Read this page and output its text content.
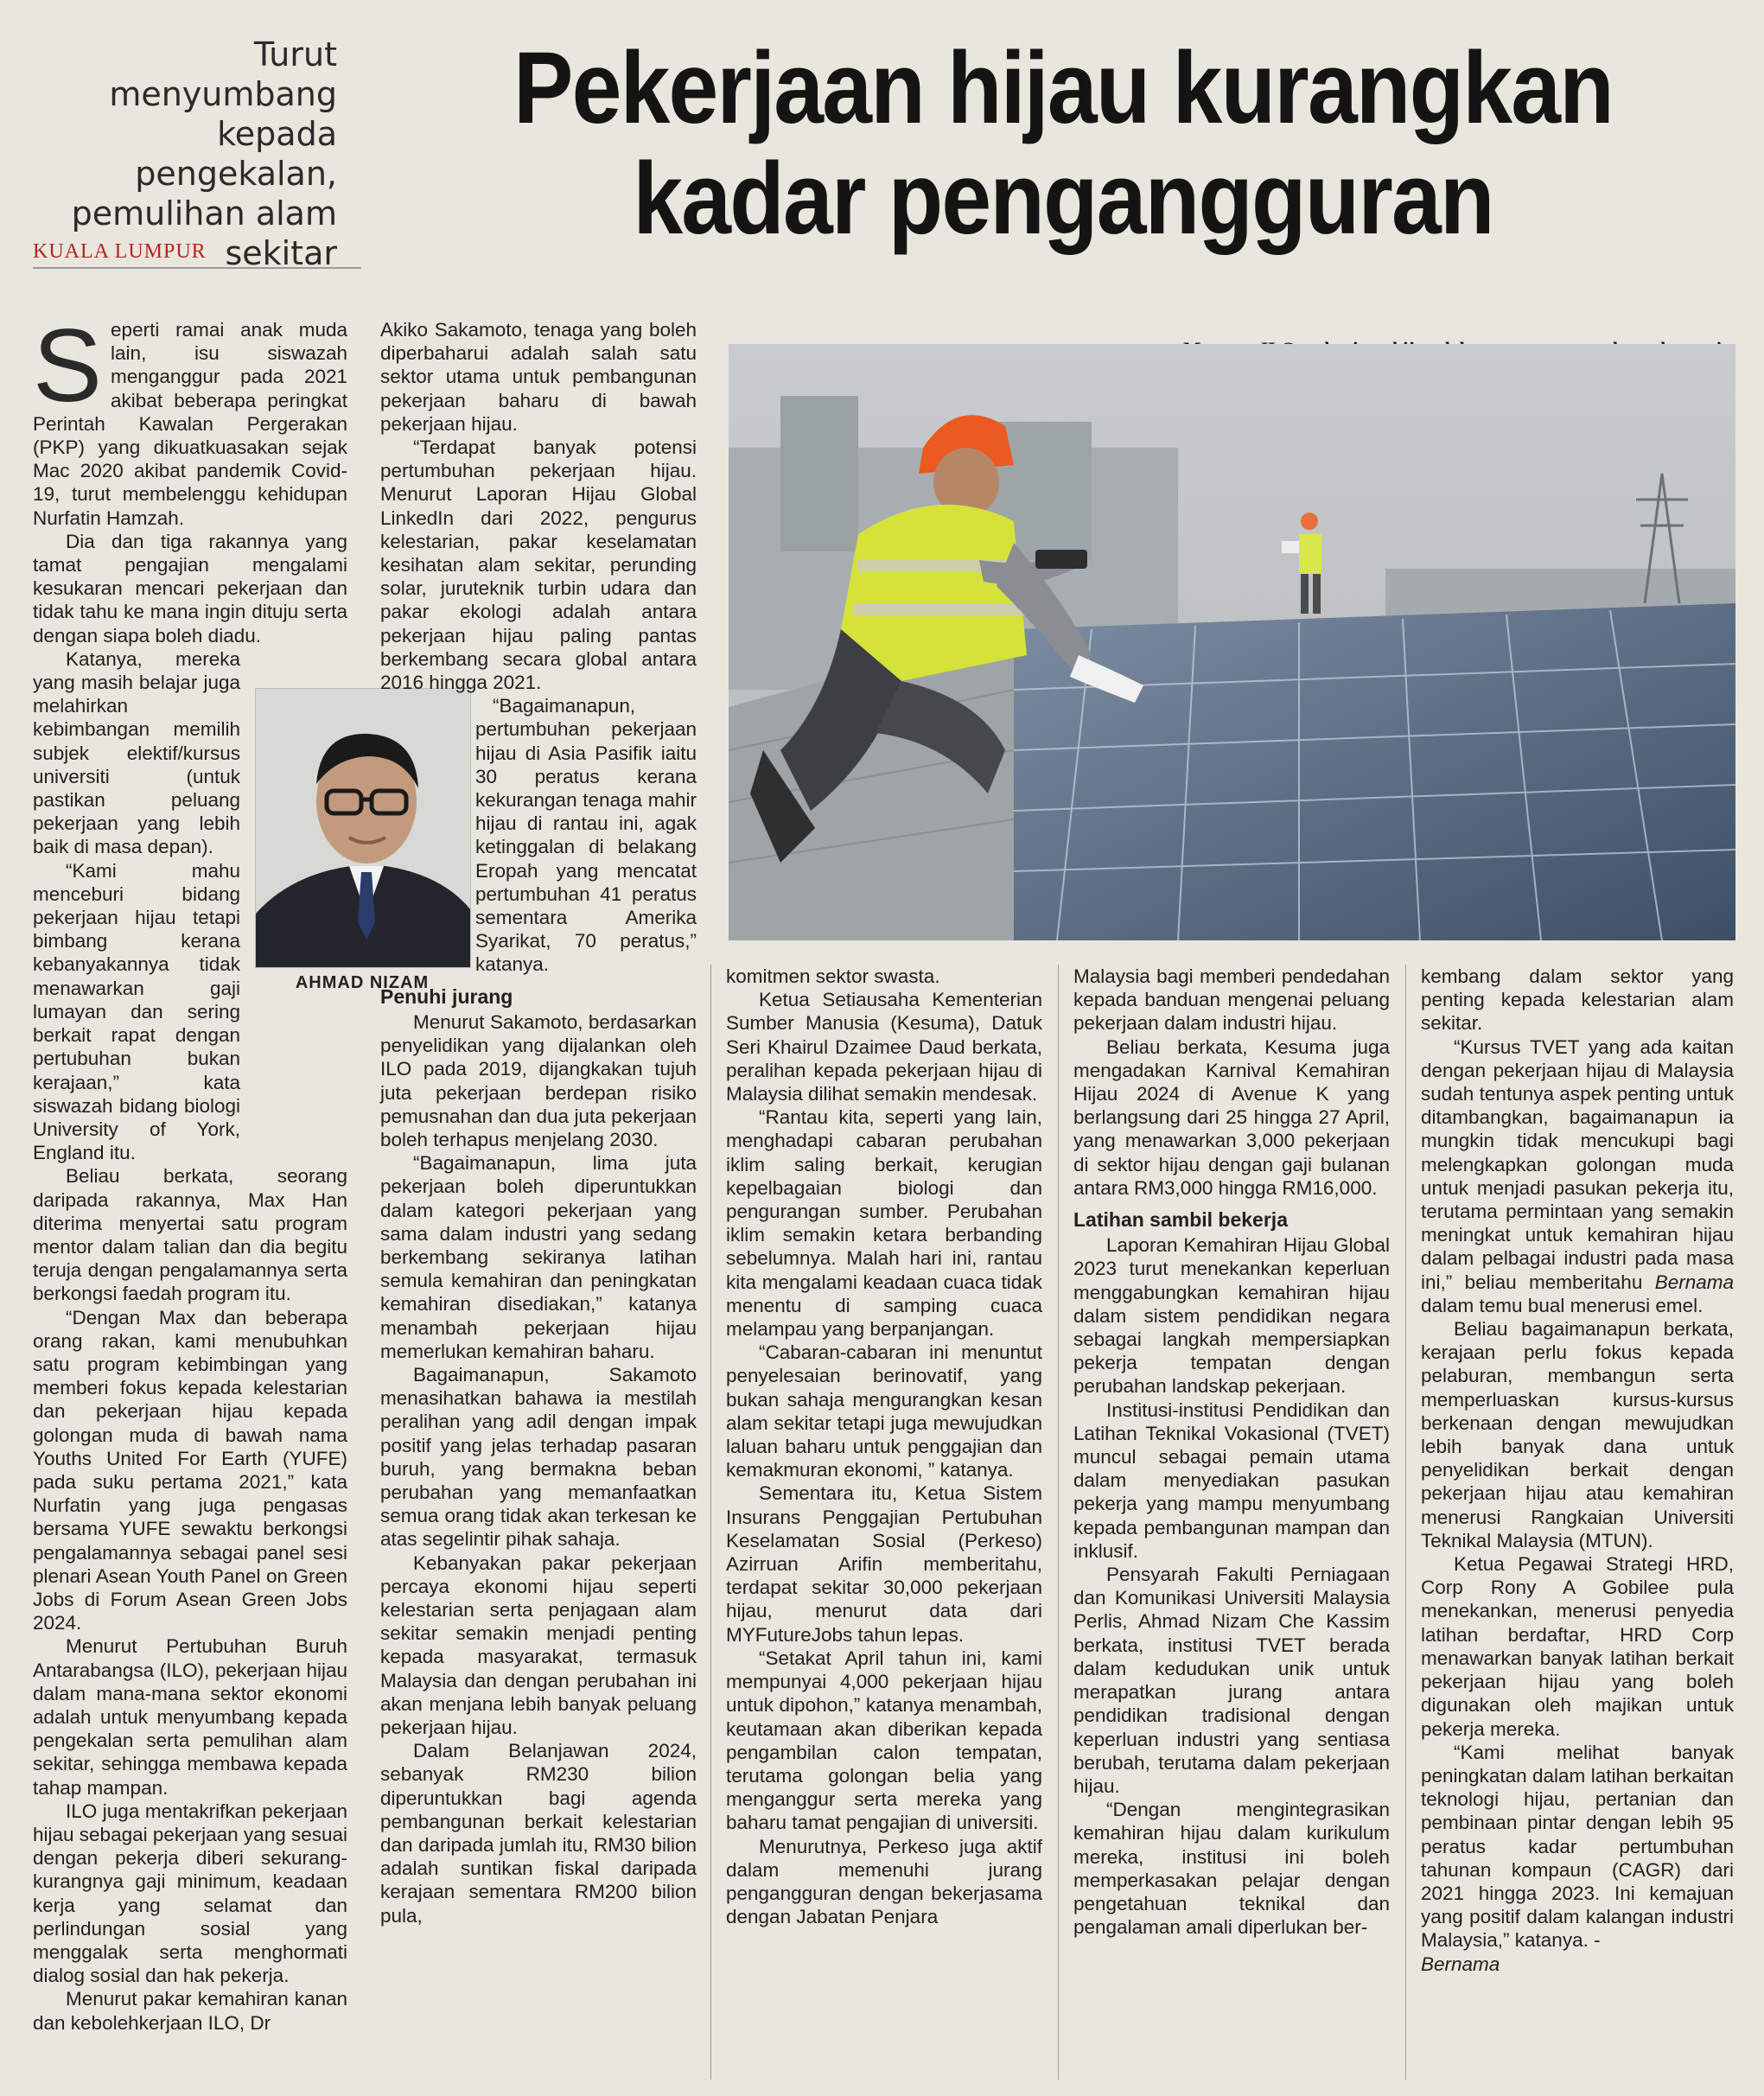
Turut menyumbang kepada pengekalan, pemulihan alam sekitar
Pekerjaan hijau kurangkan
kadar pengangguran
KUALA LUMPUR
AHMAD NIZAM
S eperti ramai anak muda lain, isu siswazah menganggur pada 2021 akibat beberapa peringkat Perintah Kawalan Pergerakan (PKP) yang dikuatkuasakan sejak Mac 2020 akibat pandemik Covid-19, turut membelenggu kehidupan Nurfatin Hamzah.

Dia dan tiga rakannya yang tamat pengajian mengalami kesukaran mencari pekerjaan dan tidak tahu ke mana ingin dituju serta dengan siapa boleh diadu.

Katanya, mereka yang masih belajar juga melahirkan kebimbangan memilih subjek elektif/kursus universiti (untuk pastikan peluang pekerjaan yang lebih baik di masa depan).

“Kami mahu menceburi bidang pekerjaan hijau tetapi bimbang kerana kebanyakannya tidak menawarkan gaji lumayan dan sering berkait rapat dengan pertubuhan bukan kerajaan,” kata siswazah bidang biologi University of York, England itu.

Beliau berkata, seorang daripada rakannya, Max Han diterima menyertai satu program mentor dalam talian dan dia begitu teruja dengan pengalamannya serta berkongsi faedah program itu.

“Dengan Max dan beberapa orang rakan, kami menubuhkan satu program kebimbingan yang memberi fokus kepada kelestarian dan pekerjaan hijau kepada golongan muda di bawah nama Youths United For Earth (YUFE) pada suku pertama 2021,” kata Nurfatin yang juga pengasas bersama YUFE sewaktu berkongsi pengalamannya sebagai panel sesi plenari Asean Youth Panel on Green Jobs di Forum Asean Green Jobs 2024.

Menurut Pertubuhan Buruh Antarabangsa (ILO), pekerjaan hijau dalam mana-mana sektor ekonomi adalah untuk menyumbang kepada pengekalan serta pemulihan alam sekitar, sehingga membawa kepada tahap mampan.

ILO juga mentakrifkan pekerjaan hijau sebagai pekerjaan yang sesuai dengan pekerja diberi sekurang-kurangnya gaji minimum, keadaan kerja yang selamat dan perlindungan sosial yang menggalak serta menghormati dialog sosial dan hak pekerja.

Menurut pakar kemahiran kanan dan kebolehkerjaan ILO, Dr

Akiko Sakamoto, tenaga yang boleh diperbaharui adalah salah satu sektor utama untuk pembangunan pekerjaan baharu di bawah pekerjaan hijau.

“Terdapat banyak potensi pertumbuhan pekerjaan hijau. Menurut Laporan Hijau Global LinkedIn dari 2022, pengurus kelestarian, pakar keselamatan kesihatan alam sekitar, perunding solar, juruteknik turbin udara dan pakar ekologi adalah antara pekerjaan hijau paling pantas berkembang secara global antara 2016 hingga 2021.

“Bagaimanapun, pertumbuhan pekerjaan hijau di Asia Pasifik iaitu 30 peratus kerana kekurangan tenaga mahir hijau di rantau ini, agak ketinggalan di belakang Eropah yang mencatat pertumbuhan 41 peratus sementara Amerika Syarikat, 70 peratus,” katanya.

Penuhi jurang

Menurut Sakamoto, berdasarkan penyelidikan yang dijalankan oleh ILO pada 2019, dijangkakan tujuh juta pekerjaan berdepan risiko pemusnahan dan dua juta pekerjaan boleh terhapus menjelang 2030.

“Bagaimanapun, lima juta pekerjaan boleh diperuntukkan dalam kategori pekerjaan yang sama dalam industri yang sedang berkembang sekiranya latihan semula kemahiran dan peningkatan kemahiran disediakan,” katanya menambah pekerjaan hijau memerlukan kemahiran baharu.

Bagaimanapun, Sakamoto menasihatkan bahawa ia mestilah peralihan yang adil dengan impak positif yang jelas terhadap pasaran buruh, yang bermakna beban perubahan yang memanfaatkan semua orang tidak akan terkesan ke atas segelintir pihak sahaja.

Kebanyakan pakar pekerjaan percaya ekonomi hijau seperti kelestarian serta penjagaan alam sekitar semakin menjadi penting kepada masyarakat, termasuk Malaysia dan dengan perubahan ini akan menjana lebih banyak peluang pekerjaan hijau.

Dalam Belanjawan 2024, sebanyak RM230 bilion diperuntukkan bagi agenda pembangunan berkait kelestarian dan daripada jumlah itu, RM30 bilion adalah suntikan fiskal daripada kerajaan sementara RM200 bilion pula,

komitmen sektor swasta.

Ketua Setiausaha Kementerian Sumber Manusia (Kesuma), Datuk Seri Khairul Dzaimee Daud berkata, peralihan kepada pekerjaan hijau di Malaysia dilihat semakin mendesak.

“Rantau kita, seperti yang lain, menghadapi cabaran perubahan iklim saling berkait, kerugian kepelbagaian biologi dan pengurangan sumber. Perubahan iklim semakin ketara berbanding sebelumnya. Malah hari ini, rantau kita mengalami keadaan cuaca tidak menentu di samping cuaca melampau yang berpanjangan.

“Cabaran-cabaran ini menuntut penyelesaian berinovatif, yang bukan sahaja mengurangkan kesan alam sekitar tetapi juga mewujudkan laluan baharu untuk penggajian dan kemakmuran ekonomi, ” katanya.

Sementara itu, Ketua Sistem Insurans Penggajian Pertubuhan Keselamatan Sosial (Perkeso) Azirruan Arifin memberitahu, terdapat sekitar 30,000 pekerjaan hijau, menurut data dari MYFutureJobs tahun lepas.

“Setakat April tahun ini, kami mempunyai 4,000 pekerjaan hijau untuk dipohon,” katanya menambah, keutamaan akan diberikan kepada pengambilan calon tempatan, terutama golongan belia yang menganggur serta mereka yang baharu tamat pengajian di universiti.

Menurutnya, Perkeso juga aktif dalam memenuhi jurang pengangguran dengan bekerjasama dengan Jabatan Penjara

Malaysia bagi memberi pendedahan kepada banduan mengenai peluang pekerjaan dalam industri hijau.

Beliau berkata, Kesuma juga mengadakan Karnival Kemahiran Hijau 2024 di Avenue K yang berlangsung dari 25 hingga 27 April, yang menawarkan 3,000 pekerjaan di sektor hijau dengan gaji bulanan antara RM3,000 hingga RM16,000.

Latihan sambil bekerja

Laporan Kemahiran Hijau Global 2023 turut menekankan keperluan menggabungkan kemahiran hijau dalam sistem pendidikan negara sebagai langkah mempersiapkan pekerja tempatan dengan perubahan landskap pekerjaan.

Institusi-institusi Pendidikan dan Latihan Teknikal Vokasional (TVET) muncul sebagai pemain utama dalam menyediakan pasukan pekerja yang mampu menyumbang kepada pembangunan mampan dan inklusif.

Pensyarah Fakulti Perniagaan dan Komunikasi Universiti Malaysia Perlis, Ahmad Nizam Che Kassim berkata, institusi TVET berada dalam kedudukan unik untuk merapatkan jurang antara pendidikan tradisional dengan keperluan industri yang sentiasa berubah, terutama dalam pekerjaan hijau.

“Dengan mengintegrasikan kemahiran hijau dalam kurikulum mereka, institusi ini boleh memperkasakan pelajar dengan pengetahuan teknikal dan pengalaman amali diperlukan ber-

kembang dalam sektor yang penting kepada kelestarian alam sekitar.

“Kursus TVET yang ada kaitan dengan pekerjaan hijau di Malaysia sudah tentunya aspek penting untuk ditambangkan, bagaimanapun ia mungkin tidak mencukupi bagi melengkapkan golongan muda untuk menjadi pasukan pekerja itu, terutama permintaan yang semakin meningkat untuk kemahiran hijau dalam pelbagai industri pada masa ini,” beliau memberitahu Bernama dalam temu bual menerusi emel.

Beliau bagaimanapun berkata, kerajaan perlu fokus kepada pelaburan, membangun serta memperluaskan kursus-kursus berkenaan dengan mewujudkan lebih banyak dana untuk penyelidikan berkait dengan pekerjaan hijau atau kemahiran menerusi Rangkaian Universiti Teknikal Malaysia (MTUN).

Ketua Pegawai Strategi HRD, Corp Rony A Gobilee pula menekankan, menerusi penyedia latihan berdaftar, HRD Corp menawarkan banyak latihan berkait pekerjaan hijau yang boleh digunakan oleh majikan untuk pekerja mereka.

“Kami melihat banyak peningkatan dalam latihan berkaitan teknologi hijau, pertanian dan pembinaan pintar dengan lebih 95 peratus kadar pertumbuhan tahunan kompaun (CAGR) dari 2021 hingga 2023. Ini kemajuan yang positif dalam kalangan industri Malaysia,” katanya. -

Bernama
